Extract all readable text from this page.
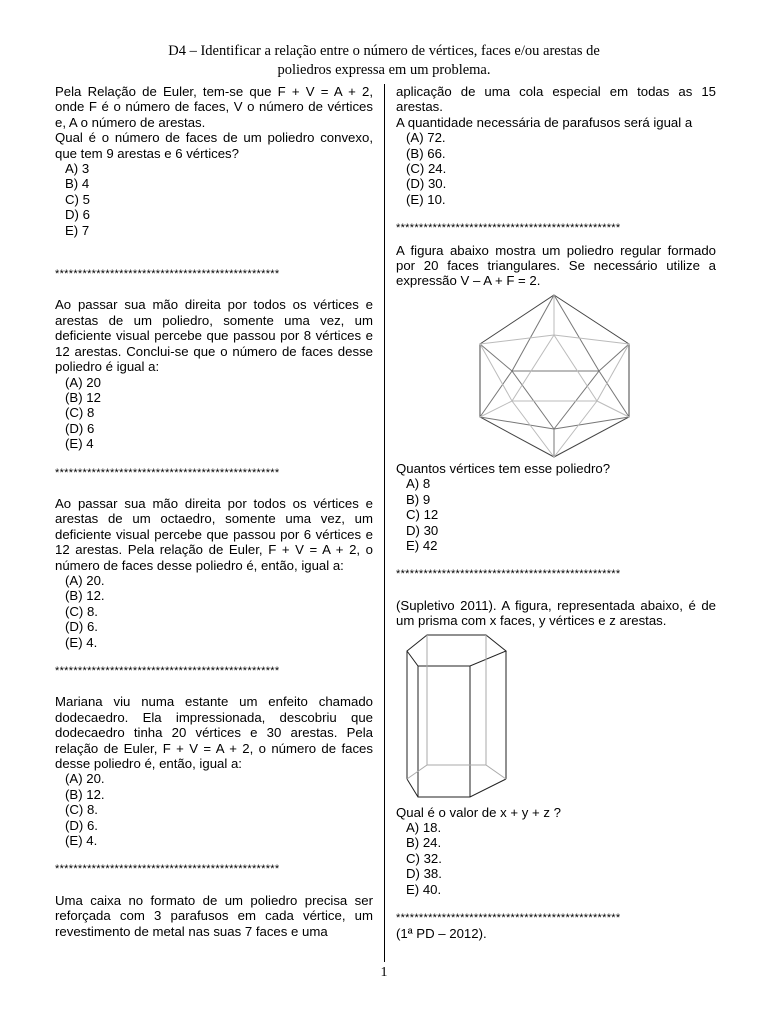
D4 – Identificar a relação entre o número de vértices, faces e/ou arestas de
poliedros expressa em um problema.

Pela Relação de Euler, tem-se que F + V = A + 2, onde F é o número de faces, V o número de vértices e, A o número de arestas.

Qual é o número de faces de um poliedro convexo, que tem 9 arestas e 6 vértices?

A) 3
B) 4
C) 5
D) 6
E) 7

*************************************************

Ao passar sua mão direita por todos os vértices e arestas de um poliedro, somente uma vez, um deficiente visual percebe que passou por 8 vértices e 12 arestas. Conclui-se que o número de faces desse poliedro é igual a:

(A) 20
(B) 12
(C) 8
(D) 6
(E) 4

*************************************************

Ao passar sua mão direita por todos os vértices e arestas de um octaedro, somente uma vez, um deficiente visual percebe que passou por 6 vértices e 12 arestas. Pela relação de Euler, F + V = A + 2, o número de faces desse poliedro é, então, igual a:

(A) 20.
(B) 12.
(C) 8.
(D) 6.
(E) 4.

*************************************************

Mariana viu numa estante um enfeito chamado dodecaedro. Ela impressionada, descobriu que dodecaedro tinha 20 vértices e 30 arestas. Pela relação de Euler, F + V = A + 2, o número de faces desse poliedro é, então, igual a:

(A) 20.
(B) 12.
(C) 8.
(D) 6.
(E) 4.

*************************************************

Uma caixa no formato de um poliedro precisa ser reforçada com 3 parafusos em cada vértice, um revestimento de metal nas suas 7 faces e uma

aplicação de uma cola especial em todas as 15 arestas.

A quantidade necessária de parafusos será igual a

(A) 72.
(B) 66.
(C) 24.
(D) 30.
(E) 10.

*************************************************

A figura abaixo mostra um poliedro regular formado por 20 faces triangulares. Se necessário utilize a expressão V – A + F = 2.

Quantos vértices tem esse poliedro?

A) 8
B) 9
C) 12
D) 30
E) 42

*************************************************

(Supletivo 2011). A figura, representada abaixo, é de um prisma com x faces, y vértices e z arestas.

Qual é o valor de x + y + z ?

A) 18.
B) 24.
C) 32.
D) 38.
E) 40.

*************************************************

(1ª PD – 2012).

1
